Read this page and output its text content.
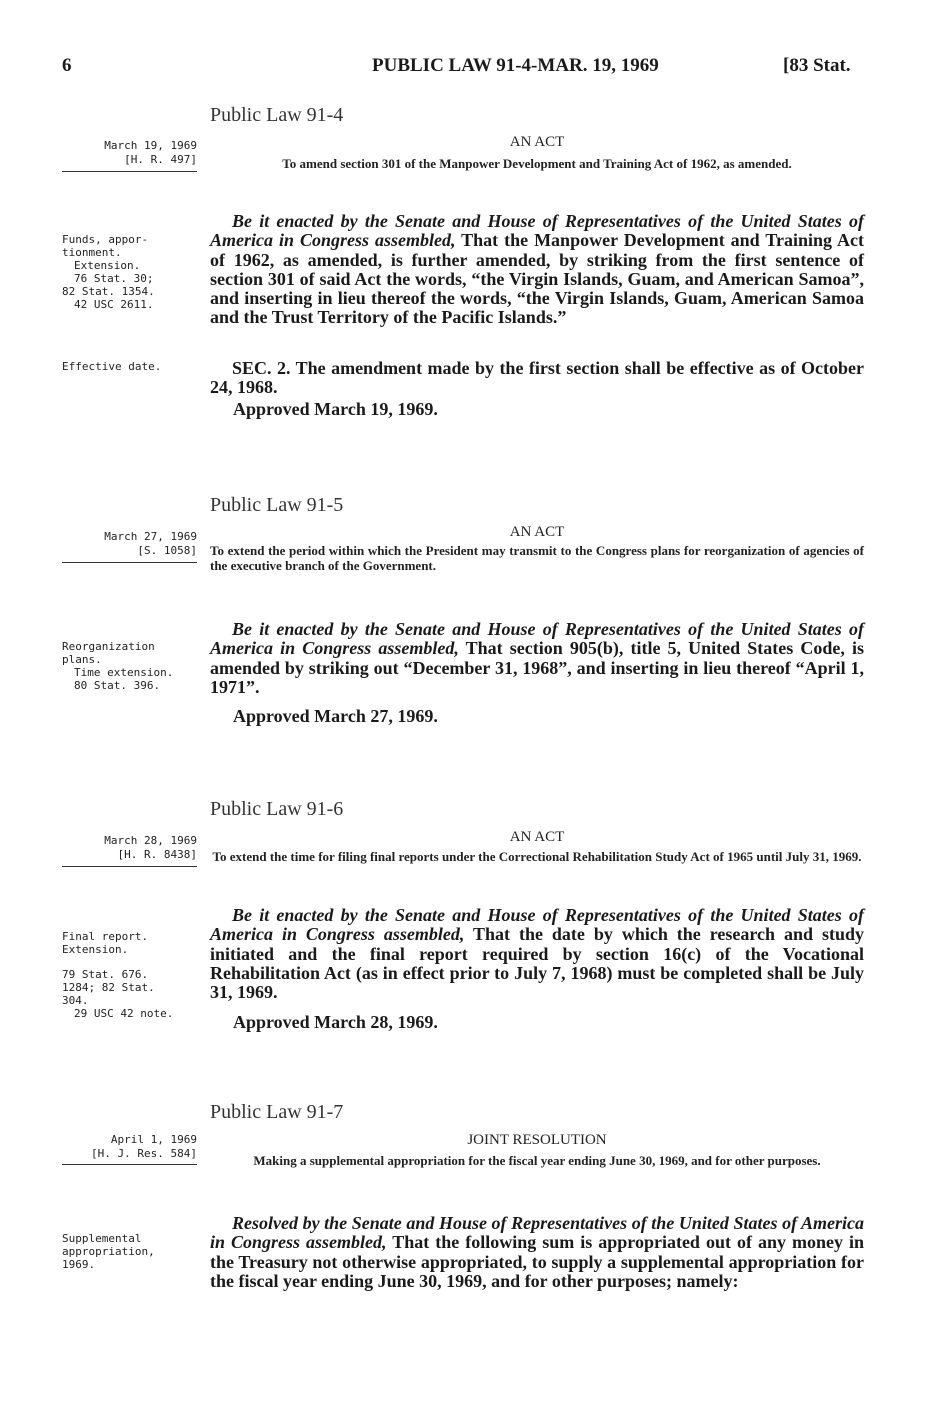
6	PUBLIC LAW 91-4-MAR. 19, 1969	[83 Stat.
Public Law 91-4
March 19, 1969
[H. R. 497]
AN ACT
To amend section 301 of the Manpower Development and Training Act of 1962, as amended.

Funds, appor-

tionment.

Extension.

76 Stat. 30;

82 Stat. 1354.

42 USC 2611.

Effective date.

Be it enacted by the Senate and House of Representatives of the United States of America in Congress assembled, That the Manpower Development and Training Act of 1962, as amended, is further amended, by striking from the first sentence of section 301 of said Act the words, “the Virgin Islands, Guam, and American Samoa”, and inserting in lieu thereof the words, “the Virgin Islands, Guam, American Samoa and the Trust Territory of the Pacific Islands.”
SEC. 2. The amendment made by the first section shall be effective as of October 24, 1968.
Approved March 19, 1969.
Public Law 91-5
March 27, 1969
[S. 1058]
AN ACT
To extend the period within which the President may transmit to the Congress plans for reorganization of agencies of the executive branch of the Government.

Reorganization

plans.

Time extension.

80 Stat. 396.

Be it enacted by the Senate and House of Representatives of the United States of America in Congress assembled, That section 905(b), title 5, United States Code, is amended by striking out “December 31, 1968”, and inserting in lieu thereof “April 1, 1971”.
Approved March 27, 1969.
Public Law 91-6
March 28, 1969
[H. R. 8438]
AN ACT
To extend the time for filing final reports under the Correctional Rehabilitation Study Act of 1965 until July 31, 1969.

Final report.

Extension.

79 Stat. 676.

1284; 82 Stat.

304.

29 USC 42 note.

Be it enacted by the Senate and House of Representatives of the United States of America in Congress assembled, That the date by which the research and study initiated and the final report required by section 16(c) of the Vocational Rehabilitation Act (as in effect prior to July 7, 1968) must be completed shall be July 31, 1969.
Approved March 28, 1969.
Public Law 91-7
April 1, 1969
[H. J. Res. 584]
JOINT RESOLUTION
Making a supplemental appropriation for the fiscal year ending June 30, 1969, and for other purposes.

Supplemental

appropriation,

1969.

Resolved by the Senate and House of Representatives of the United States of America in Congress assembled, That the following sum is appropriated out of any money in the Treasury not otherwise appropriated, to supply a supplemental appropriation for the fiscal year ending June 30, 1969, and for other purposes; namely:
